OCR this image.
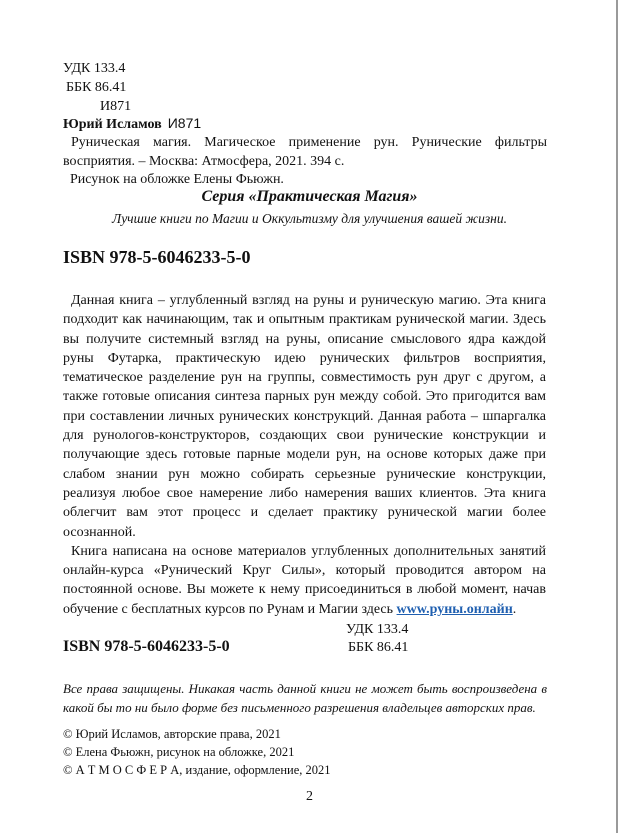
УДК 133.4
ББК 86.41
И871
Юрий Исламов И871
Руническая магия. Магическое применение рун. Рунические фильтры восприятия. – Москва: Атмосфера, 2021. 394 с.
Рисунок на обложке Елены Фьюжн.
Серия «Практическая Магия»
Лучшие книги по Магии и Оккультизму для улучшения вашей жизни.
ISBN 978-5-6046233-5-0

Данная книга – углубленный взгляд на руны и руническую магию. Эта книга подходит как начинающим, так и опытным практикам рунической магии. Здесь вы получите системный взгляд на руны, описание смыслового ядра каждой руны Футарка, практическую идею рунических фильтров восприятия, тематическое разделение рун на группы, совместимость рун друг с другом, а также готовые описания синтеза парных рун между собой. Это пригодится вам при составлении личных рунических конструкций. Данная работа – шпаргалка для рунологов-конструкторов, создающих свои рунические конструкции и получающие здесь готовые парные модели рун, на основе которых даже при слабом знании рун можно собирать серьезные рунические конструкции, реализуя любое свое намерение либо намерения ваших клиентов. Эта книга облегчит вам этот процесс и сделает практику рунической магии более осознанной.

Книга написана на основе материалов углубленных дополнительных занятий онлайн-курса «Рунический Круг Силы», который проводится автором на постоянной основе. Вы можете к нему присоединиться в любой момент, начав обучение с бесплатных курсов по Рунам и Магии здесь www.руны.онлайн.

УДК 133.4
ББК 86.41
ISBN 978-5-6046233-5-0
Все права защищены. Никакая часть данной книги не может быть воспроизведена в какой бы то ни было форме без письменного разрешения владельцев авторских прав.
© Юрий Исламов, авторские права, 2021
© Елена Фьюжн, рисунок на обложке, 2021
© А Т М О С Ф Е Р А, издание, оформление, 2021
2
